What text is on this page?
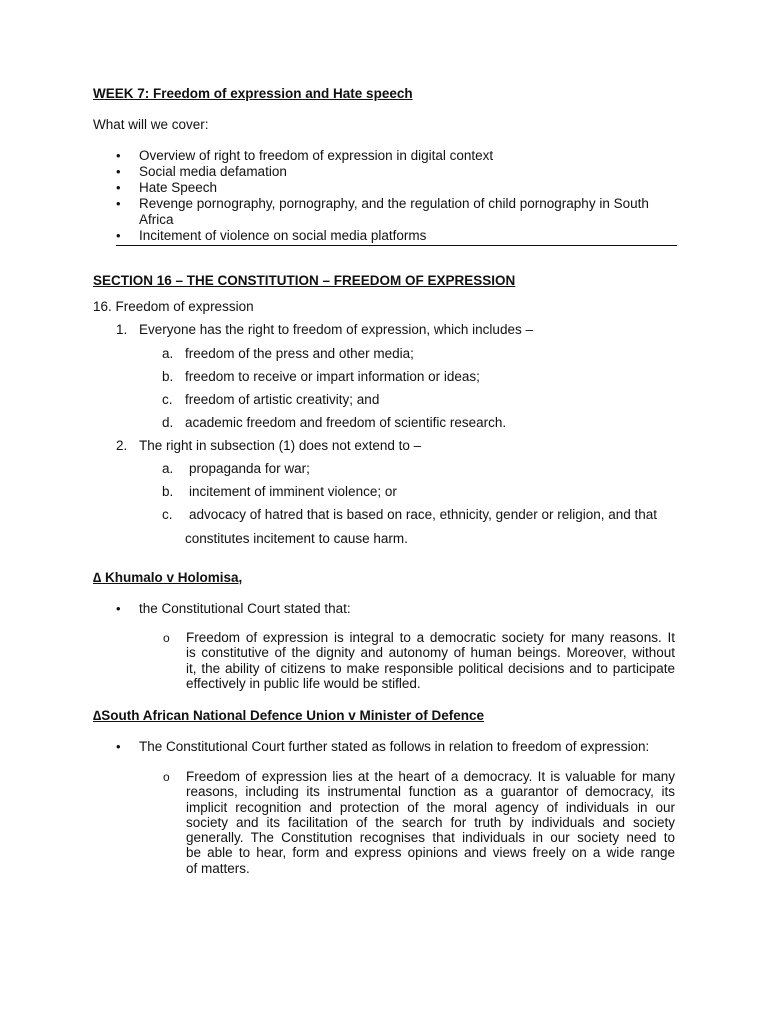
WEEK 7: Freedom of expression and Hate speech
What will we cover:
• Overview of right to freedom of expression in digital context
• Social media defamation
• Hate Speech
• Revenge pornography, pornography, and the regulation of child pornography in South
Africa
• Incitement of violence on social media platforms
SECTION 16 – THE CONSTITUTION – FREEDOM OF EXPRESSION
16. Freedom of expression
1. Everyone has the right to freedom of expression, which includes –
a. freedom of the press and other media;
b. freedom to receive or impart information or ideas;
c. freedom of artistic creativity; and
d. academic freedom and freedom of scientific research.
2. The right in subsection (1) does not extend to –
a. propaganda for war;
b. incitement of imminent violence; or
c. advocacy of hatred that is based on race, ethnicity, gender or religion, and that
constitutes incitement to cause harm.
∆ Khumalo v Holomisa,
• the Constitutional Court stated that:
o Freedom of expression is integral to a democratic society for many reasons. It
is constitutive of the dignity and autonomy of human beings. Moreover, without
it, the ability of citizens to make responsible political decisions and to participate
effectively in public life would be stifled.
∆South African National Defence Union v Minister of Defence
• The Constitutional Court further stated as follows in relation to freedom of expression:
o Freedom of expression lies at the heart of a democracy. It is valuable for many
reasons, including its instrumental function as a guarantor of democracy, its
implicit recognition and protection of the moral agency of individuals in our
society and its facilitation of the search for truth by individuals and society
generally. The Constitution recognises that individuals in our society need to
be able to hear, form and express opinions and views freely on a wide range
of matters.
